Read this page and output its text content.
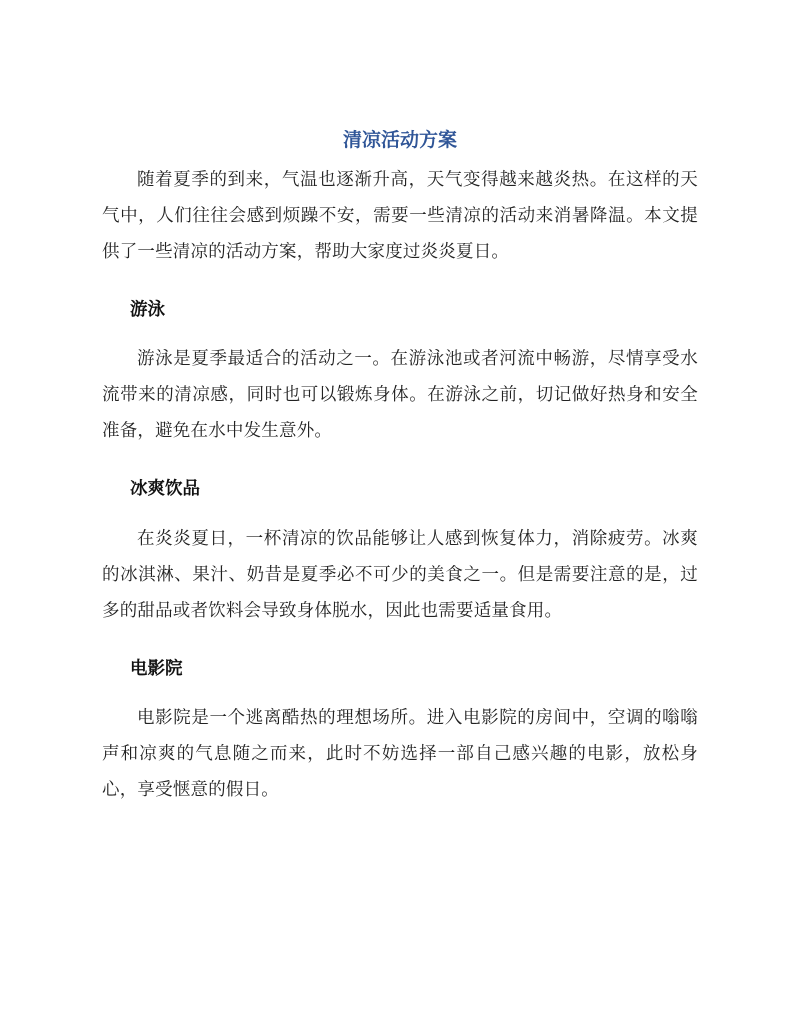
清凉活动方案

随着夏季的到来，气温也逐渐升高，天气变得越来越炎热。在这样的天气中，人们往往会感到烦躁不安，需要一些清凉的活动来消暑降温。本文提供了一些清凉的活动方案，帮助大家度过炎炎夏日。

游泳

游泳是夏季最适合的活动之一。在游泳池或者河流中畅游，尽情享受水流带来的清凉感，同时也可以锻炼身体。在游泳之前，切记做好热身和安全准备，避免在水中发生意外。

冰爽饮品

在炎炎夏日，一杯清凉的饮品能够让人感到恢复体力，消除疲劳。冰爽的冰淇淋、果汁、奶昔是夏季必不可少的美食之一。但是需要注意的是，过多的甜品或者饮料会导致身体脱水，因此也需要适量食用。

电影院

电影院是一个逃离酷热的理想场所。进入电影院的房间中，空调的嗡嗡声和凉爽的气息随之而来，此时不妨选择一部自己感兴趣的电影，放松身心，享受惬意的假日。
